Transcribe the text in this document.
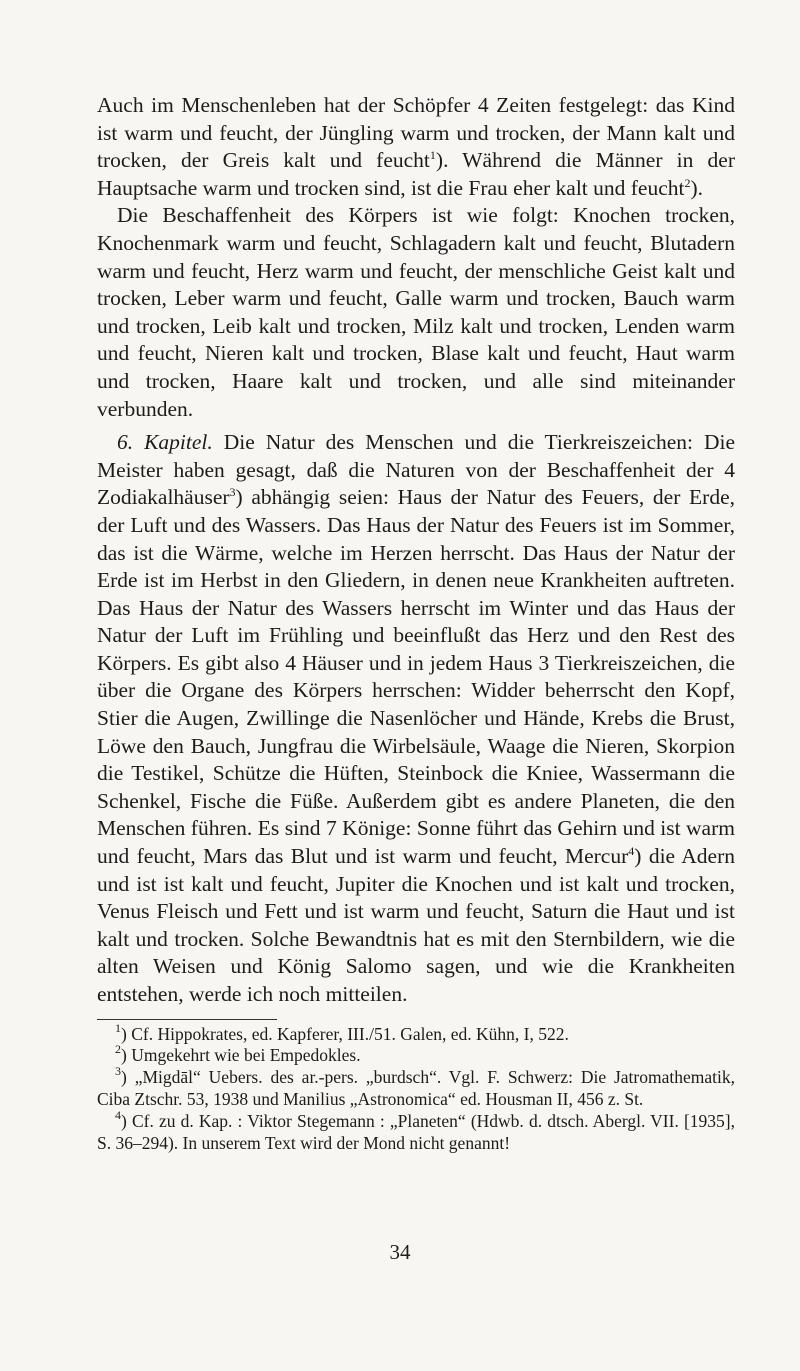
Auch im Menschenleben hat der Schöpfer 4 Zeiten festgelegt: das Kind ist warm und feucht, der Jüngling warm und trocken, der Mann kalt und trocken, der Greis kalt und feucht$^1$). Während die Männer in der Hauptsache warm und trocken sind, ist die Frau eher kalt und feucht$^2$).

Die Beschaffenheit des Körpers ist wie folgt: Knochen trocken, Knochenmark warm und feucht, Schlagadern kalt und feucht, Blutadern warm und feucht, Herz warm und feucht, der menschliche Geist kalt und trocken, Leber warm und feucht, Galle warm und trocken, Bauch warm und trocken, Leib kalt und trocken, Milz kalt und trocken, Lenden warm und feucht, Nieren kalt und trocken, Blase kalt und feucht, Haut warm und trocken, Haare kalt und trocken, und alle sind miteinander verbunden.

6. Kapitel. Die Natur des Menschen und die Tierkreiszeichen: Die Meister haben gesagt, daß die Naturen von der Beschaffenheit der 4 Zodiakalhäuser$^3$) abhängig seien: Haus der Natur des Feuers, der Erde, der Luft und des Wassers. Das Haus der Natur des Feuers ist im Sommer, das ist die Wärme, welche im Herzen herrscht. Das Haus der Natur der Erde ist im Herbst in den Gliedern, in denen neue Krankheiten auftreten. Das Haus der Natur des Wassers herrscht im Winter und das Haus der Natur der Luft im Frühling und beeinflußt das Herz und den Rest des Körpers. Es gibt also 4 Häuser und in jedem Haus 3 Tierkreiszeichen, die über die Organe des Körpers herrschen: Widder beherrscht den Kopf, Stier die Augen, Zwillinge die Nasenlöcher und Hände, Krebs die Brust, Löwe den Bauch, Jungfrau die Wirbelsäule, Waage die Nieren, Skorpion die Testikel, Schütze die Hüften, Steinbock die Kniee, Wassermann die Schenkel, Fische die Füße. Außerdem gibt es andere Planeten, die den Menschen führen. Es sind 7 Könige: Sonne führt das Gehirn und ist warm und feucht, Mars das Blut und ist warm und feucht, Mercur$^4$) die Adern und ist ist kalt und feucht, Jupiter die Knochen und ist kalt und trocken, Venus Fleisch und Fett und ist warm und feucht, Saturn die Haut und ist kalt und trocken. Solche Bewandtnis hat es mit den Sternbildern, wie die alten Weisen und König Salomo sagen, und wie die Krankheiten entstehen, werde ich noch mitteilen.

$^1$) Cf. Hippokrates, ed. Kapferer, III./51. Galen, ed. Kühn, I, 522.

$^2$) Umgekehrt wie bei Empedokles.

$^3$) „Migdāl“ Uebers. des ar.-pers. „burdsch“. Vgl. F. Schwerz: Die Jatromathematik, Ciba Ztschr. 53, 1938 und Manilius „Astronomica“ ed. Housman II, 456 z. St.

$^4$) Cf. zu d. Kap. : Viktor Stegemann : „Planeten“ (Hdwb. d. dtsch. Abergl. VII. [1935], S. 36–294). In unserem Text wird der Mond nicht genannt!

34
